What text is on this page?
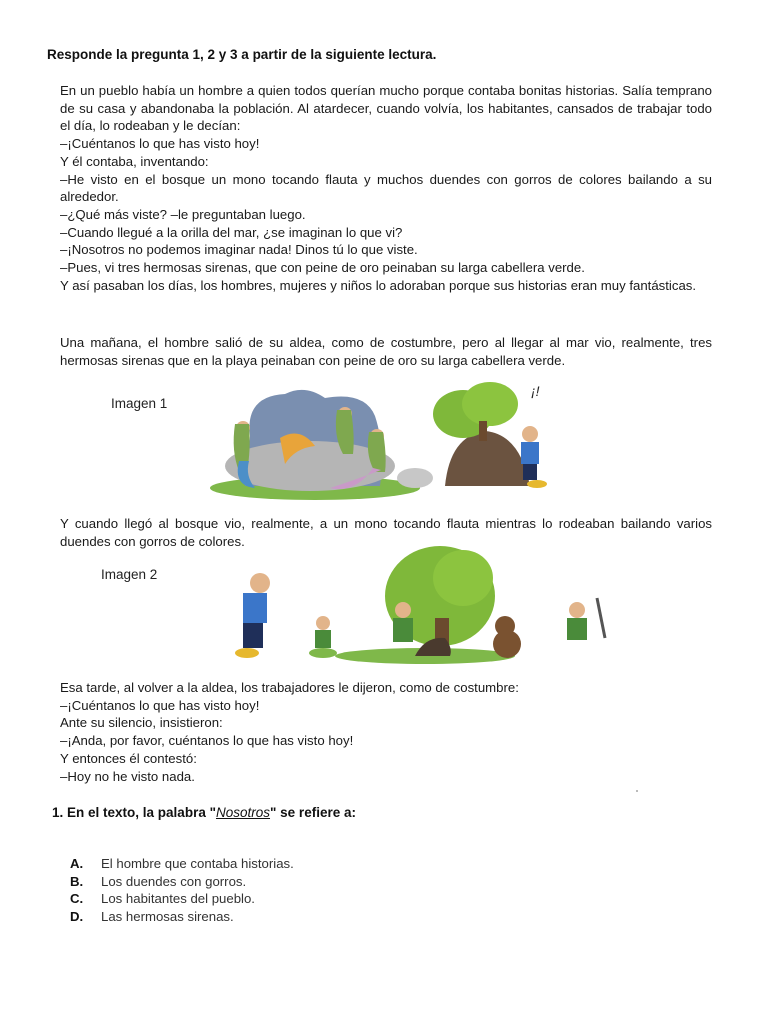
Responde la pregunta 1, 2 y 3 a partir de la siguiente lectura.

En un pueblo había un hombre a quien todos querían mucho porque contaba bonitas historias. Salía temprano de su casa y abandonaba la población. Al atardecer, cuando volvía, los habitantes, cansados de trabajar todo el día, lo rodeaban y le decían:

–¡Cuéntanos lo que has visto hoy!

Y él contaba, inventando:

–He visto en el bosque un mono tocando flauta y muchos duendes con gorros de colores bailando a su alrededor.

–¿Qué más viste? –le preguntaban luego.

–Cuando llegué a la orilla del mar, ¿se imaginan lo que vi?

–¡Nosotros no podemos imaginar nada! Dinos tú lo que viste.

–Pues, vi tres hermosas sirenas, que con peine de oro peinaban su larga cabellera verde.

Y así pasaban los días, los hombres, mujeres y niños lo adoraban porque sus historias eran muy fantásticas.

Una mañana, el hombre salió de su aldea, como de costumbre, pero al llegar al mar vio, realmente, tres hermosas sirenas que en la playa peinaban con peine de oro su larga cabellera verde.

Imagen 1
¡!

Y cuando llegó al bosque vio, realmente, a un mono tocando flauta mientras lo rodeaban bailando varios duendes con gorros de colores.

Imagen 2

Esa tarde, al volver a la aldea, los trabajadores le dijeron, como de costumbre:

–¡Cuéntanos lo que has visto hoy!

Ante su silencio, insistieron:

–¡Anda, por favor, cuéntanos lo que has visto hoy!

Y entonces él contestó:

–Hoy no he visto nada.

1. En el texto, la palabra "Nosotros" se refiere a:
A.	El hombre que contaba historias.
B.	Los duendes con gorros.
C.	Los habitantes del pueblo.
D.	Las hermosas sirenas.
